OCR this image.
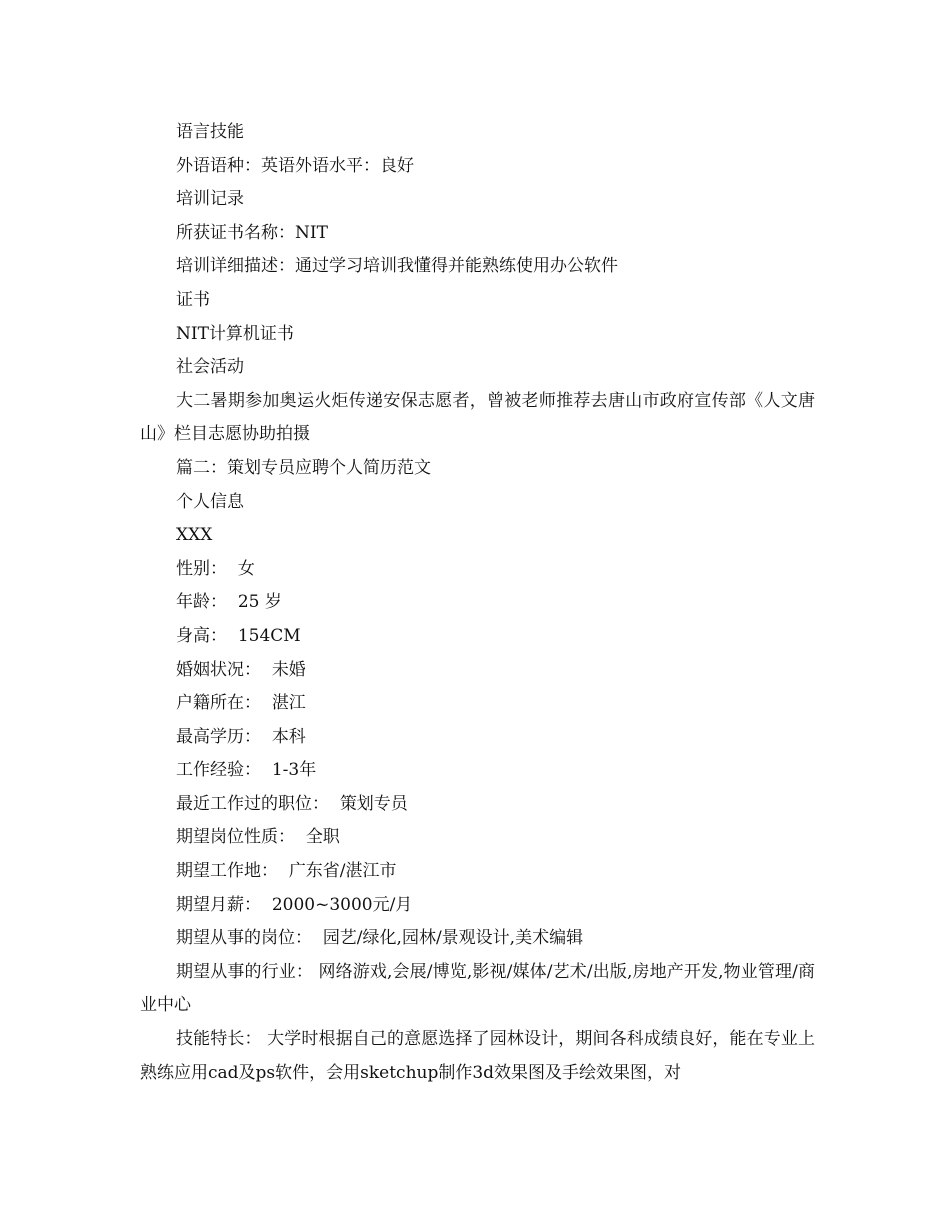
语言技能

外语语种：英语外语水平：良好

培训记录

所获证书名称：NIT

培训详细描述：通过学习培训我懂得并能熟练使用办公软件

证书

NIT计算机证书

社会活动

大二暑期参加奥运火炬传递安保志愿者，曾被老师推荐去唐山市政府宣传部《人文唐山》栏目志愿协助拍摄

篇二：策划专员应聘个人简历范文

个人信息

XXX

性别： 女

年龄： 25 岁

身高： 154CM

婚姻状况： 未婚

户籍所在： 湛江

最高学历： 本科

工作经验： 1-3年

最近工作过的职位： 策划专员

期望岗位性质： 全职

期望工作地： 广东省/湛江市

期望月薪： 2000~3000元/月

期望从事的岗位： 园艺/绿化,园林/景观设计,美术编辑

期望从事的行业： 网络游戏,会展/博览,影视/媒体/艺术/出版,房地产开发,物业管理/商业中心

技能特长： 大学时根据自己的意愿选择了园林设计，期间各科成绩良好，能在专业上熟练应用cad及ps软件，会用sketchup制作3d效果图及手绘效果图，对
